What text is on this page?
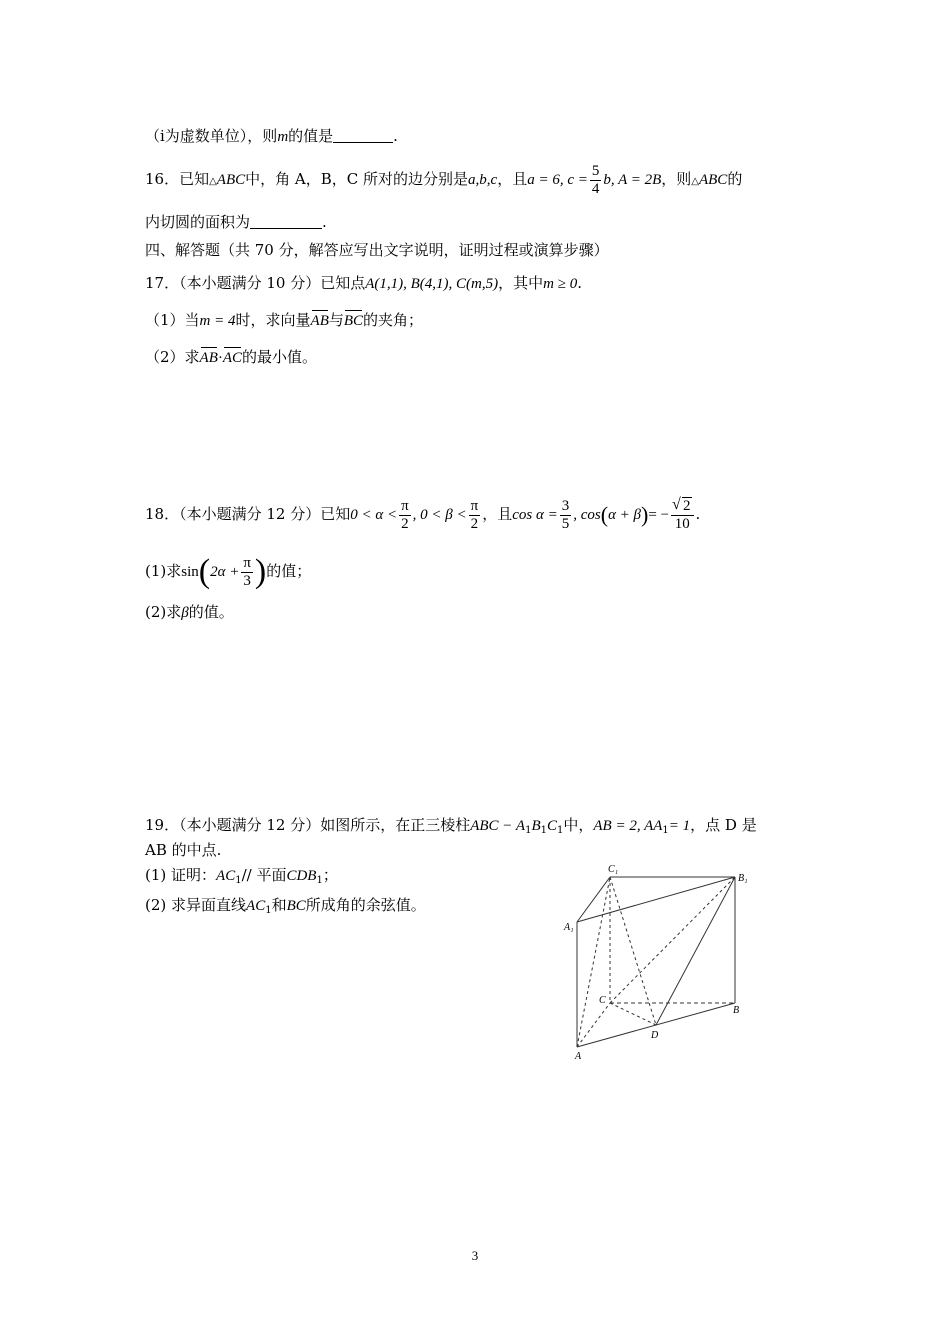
（i为虚数单位），则m的值是	.
16．已知△ABC中，角 A，B，C 所对的边分别是a,b,c，且a = 6, $c = \frac{5}{4} b$, A = 2B，则△ABC的
内切圆的面积为	.
四、解答题（共 70 分，解答应写出文字说明，证明过程或演算步骤）
17．（本小题满分 10 分）已知点A(1,1), B(4,1), C(m,5)，其中m ≥ 0.
（1）当m = 4时，求向量AB与BC的夹角；
（2）求AB·AC的最小值。
18．（本小题满分 12 分）已知$0 < \alpha < \frac{\pi}{2}$ , $0 < \beta < \frac{\pi}{2}$ ，且$\cos \alpha = \frac{3}{5}$ , cos(α + β)= −
√ $\frac{2}{10}$ .
(1)求$\sin(2\alpha + \frac{\pi}{3}$ )的值；
(2)求β的值。
19．（本小题满分 12 分）如图所示，在正三棱柱ABC − $A_1B_1C_1$中，AB = 2, $AA_1= 1$，点 D 是
AB 的中点.
(1) 证明：$AC_1//$ 平面$CDB_1$；
(2) 求异面直线$AC_1$和BC所成角的余弦值。
C₁
B₁
A₁
C
B
D
A
3
